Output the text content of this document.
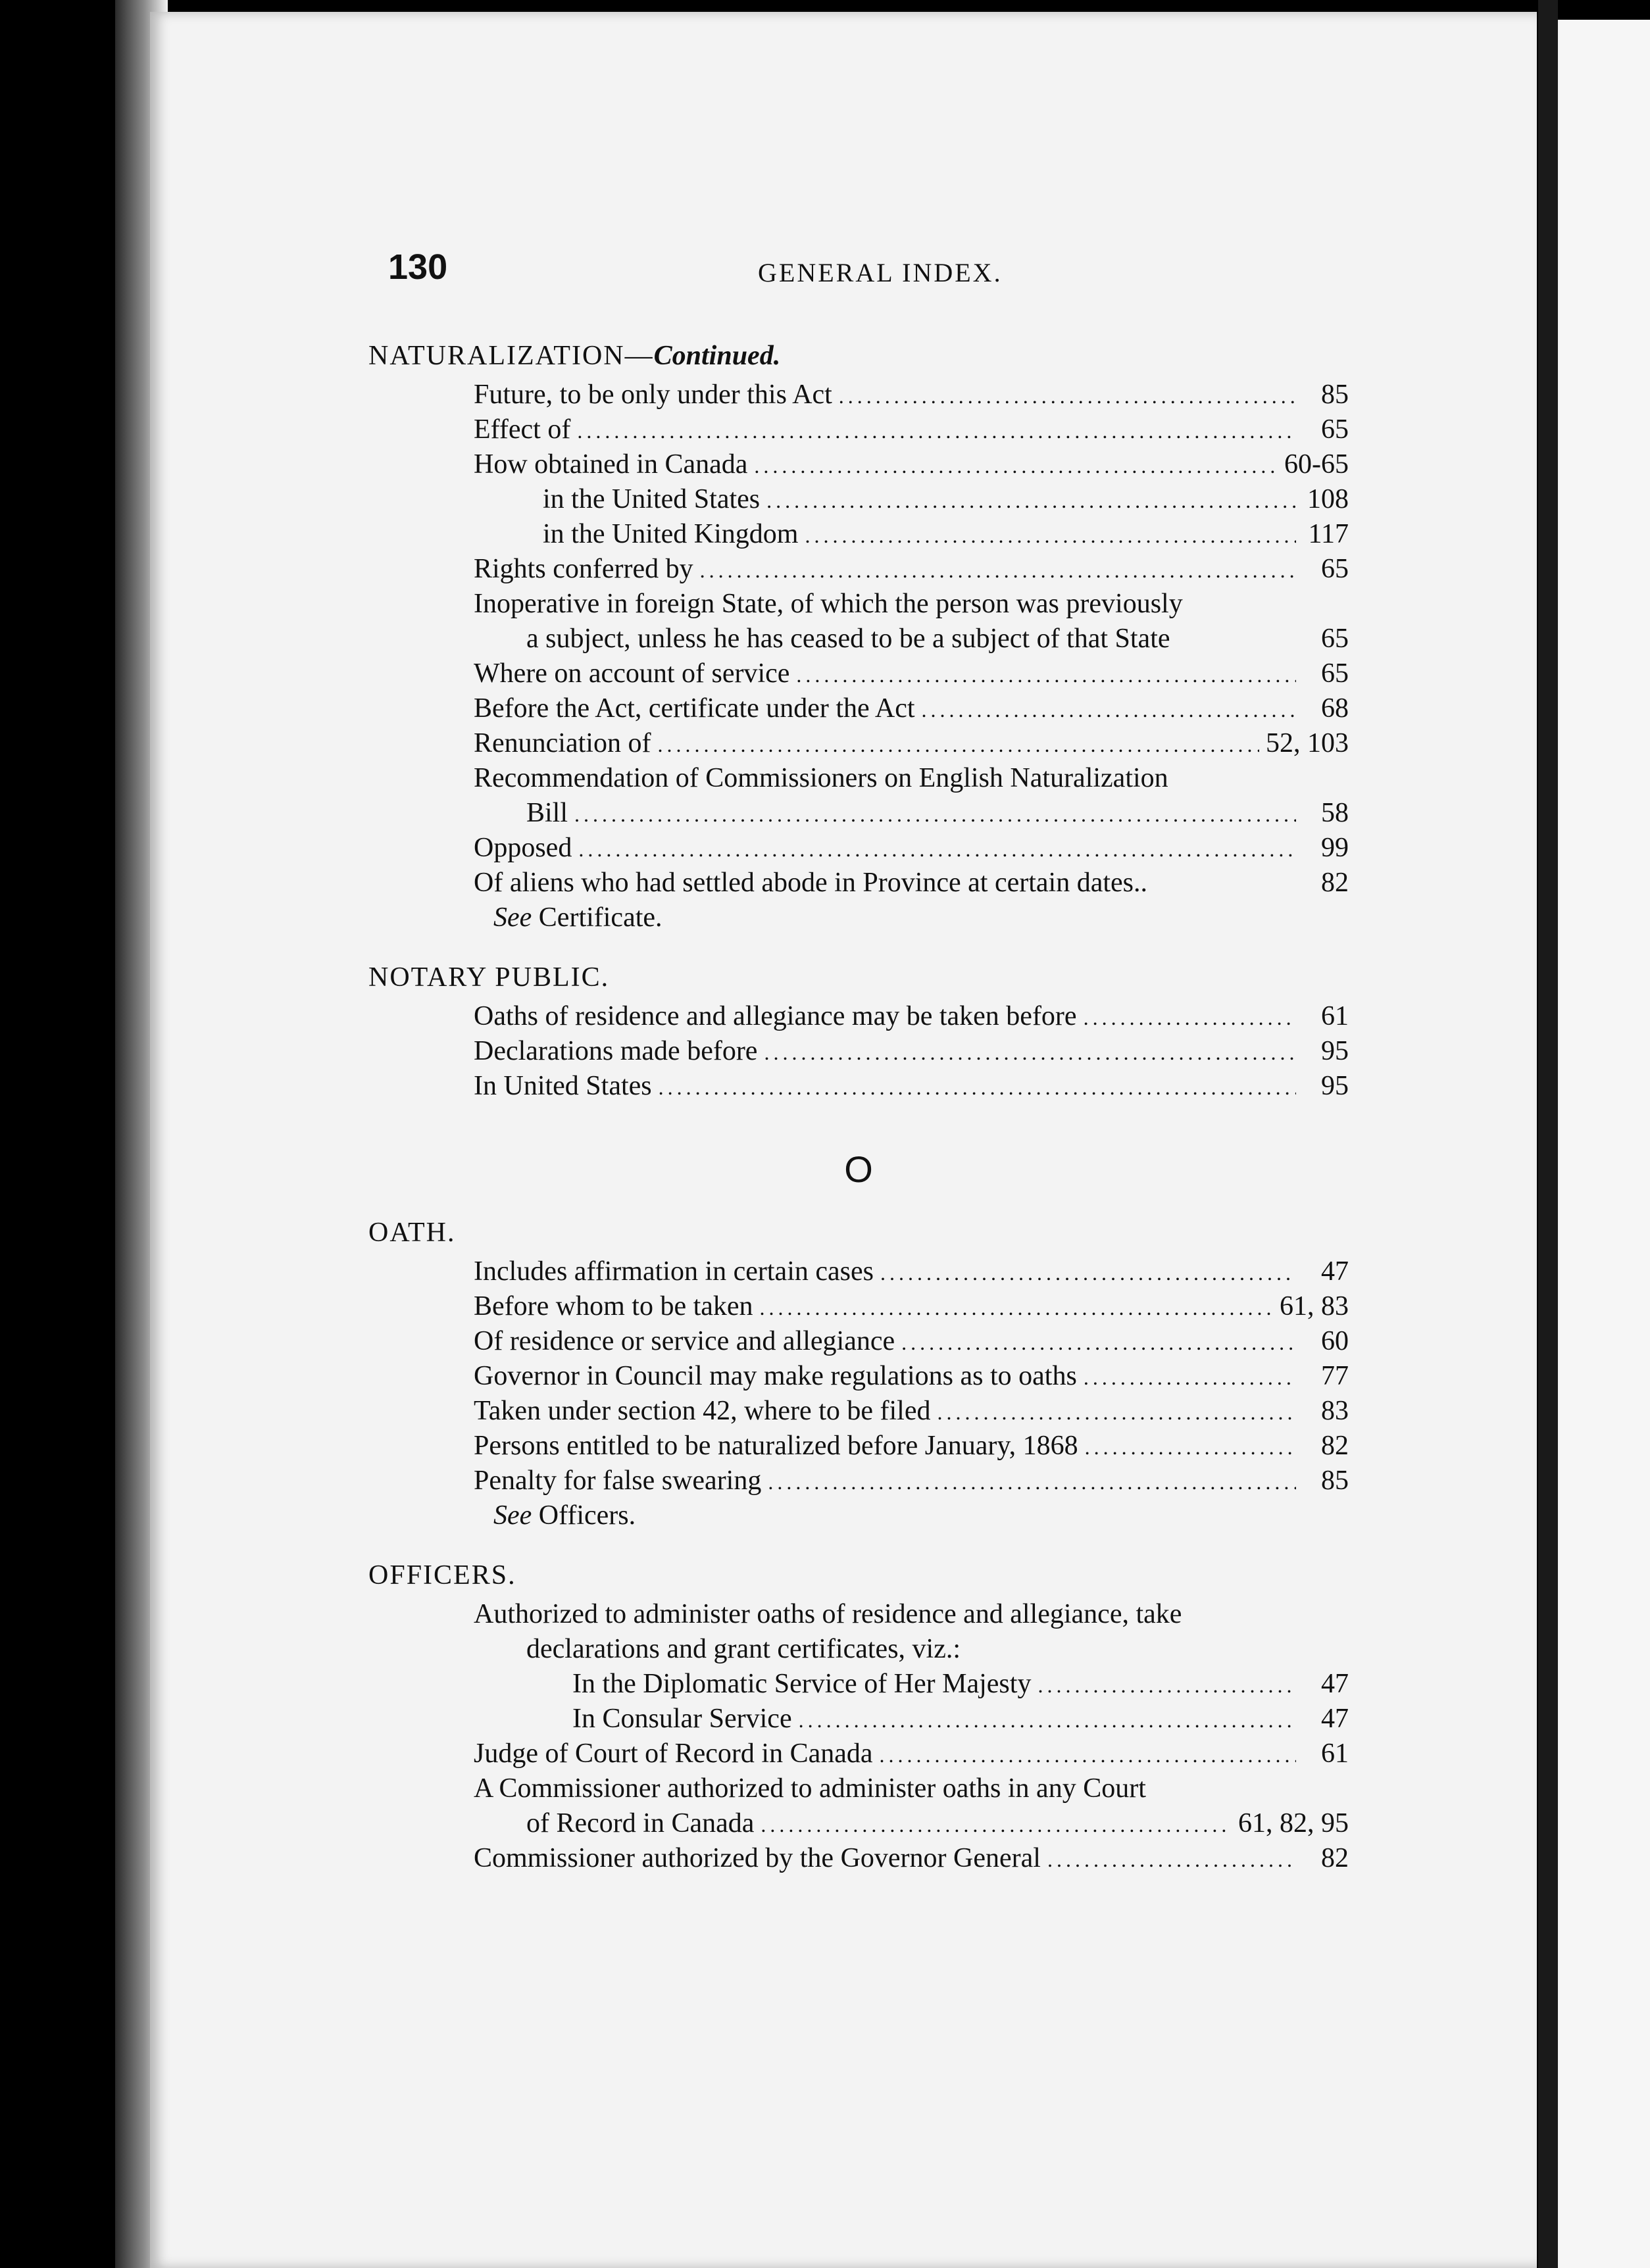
130	GENERAL INDEX.
NATURALIZATION—Continued.
Future, to be only under this Act .....	85
Effect of .....	65
How obtained in Canada .....	60-65
in the United States .....	108
in the United Kingdom .....	117
Rights conferred by .....	65
Inoperative in foreign State, of which the person was previously
a subject, unless he has ceased to be a subject of that State	65
Where on account of service .....	65
Before the Act, certificate under the Act .....	68
Renunciation of .....	52, 103
Recommendation of Commissioners on English Naturalization
Bill .....	58
Opposed .....	99
Of aliens who had settled abode in Province at certain dates..	82
See Certificate.
NOTARY PUBLIC.
Oaths of residence and allegiance may be taken before .....	61
Declarations made before .....	95
In United States .....	95
O
OATH.
Includes affirmation in certain cases .....	47
Before whom to be taken .....	61, 83
Of residence or service and allegiance .....	60
Governor in Council may make regulations as to oaths .....	77
Taken under section 42, where to be filed .....	83
Persons entitled to be naturalized before January, 1868 .....	82
Penalty for false swearing .....	85
See Officers.
OFFICERS.
Authorized to administer oaths of residence and allegiance, take
declarations and grant certificates, viz.:
In the Diplomatic Service of Her Majesty .....	47
In Consular Service .....	47
Judge of Court of Record in Canada .....	61
A Commissioner authorized to administer oaths in any Court
of Record in Canada .....	61, 82, 95
Commissioner authorized by the Governor General .....	82
